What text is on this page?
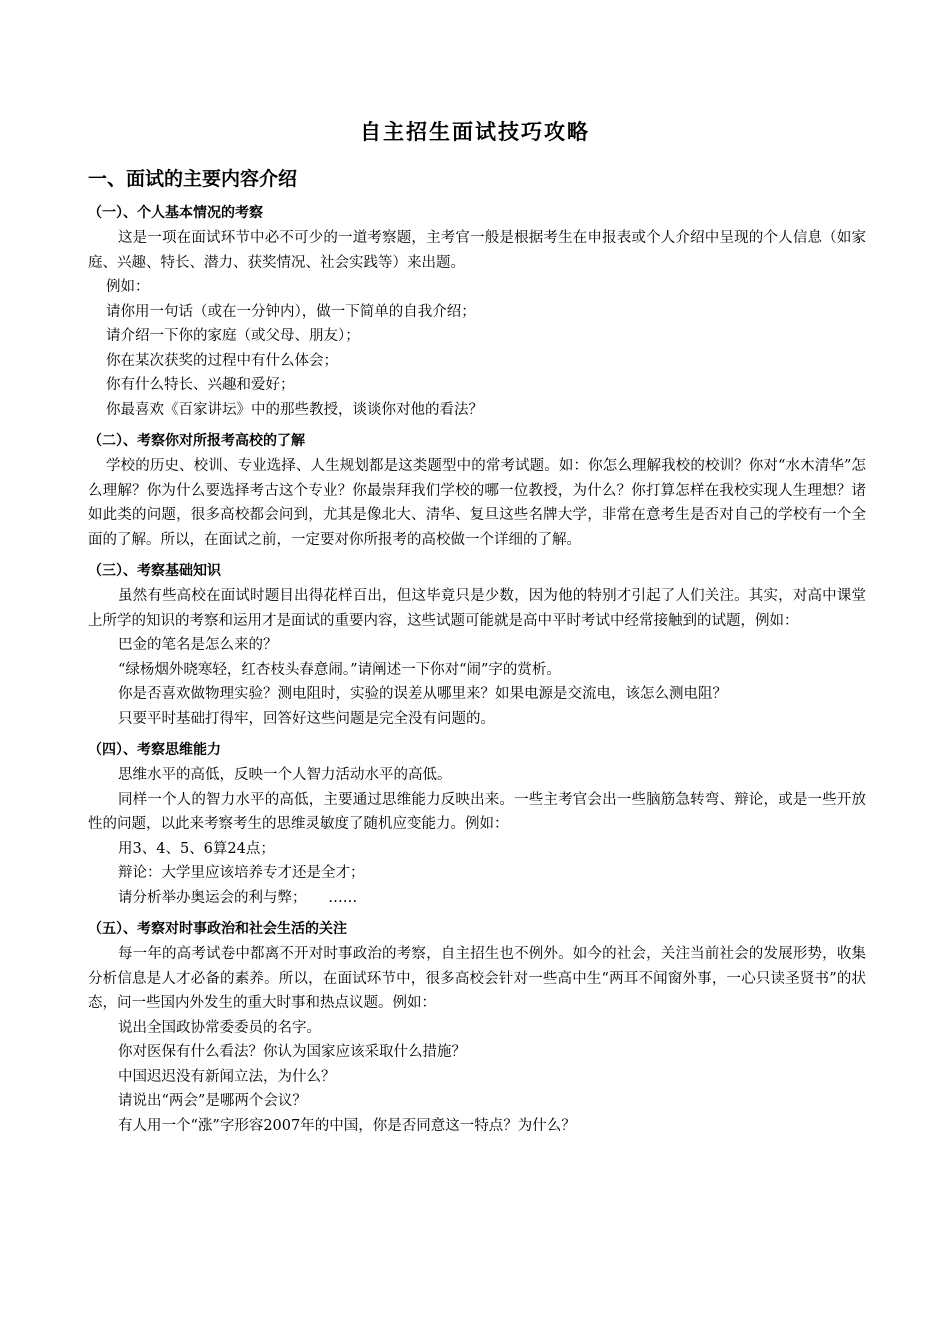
自主招生面试技巧攻略
一、面试的主要内容介绍

（一）、个人基本情况的考察

这是一项在面试环节中必不可少的一道考察题，主考官一般是根据考生在申报表或个人介绍中呈现的个人信息（如家庭、兴趣、特长、潜力、获奖情况、社会实践等）来出题。

例如：

请你用一句话（或在一分钟内），做一下简单的自我介绍；

请介绍一下你的家庭（或父母、朋友）；

你在某次获奖的过程中有什么体会；

你有什么特长、兴趣和爱好；

你最喜欢《百家讲坛》中的那些教授，谈谈你对他的看法？

（二）、考察你对所报考高校的了解

学校的历史、校训、专业选择、人生规划都是这类题型中的常考试题。如：你怎么理解我校的校训？你对“水木清华”怎么理解？你为什么要选择考古这个专业？你最崇拜我们学校的哪一位教授，为什么？你打算怎样在我校实现人生理想？诸如此类的问题，很多高校都会问到，尤其是像北大、清华、复旦这些名牌大学，非常在意考生是否对自己的学校有一个全面的了解。所以，在面试之前，一定要对你所报考的高校做一个详细的了解。

（三）、考察基础知识

虽然有些高校在面试时题目出得花样百出，但这毕竟只是少数，因为他的特别才引起了人们关注。其实，对高中课堂上所学的知识的考察和运用才是面试的重要内容，这些试题可能就是高中平时考试中经常接触到的试题，例如：

巴金的笔名是怎么来的？

“绿杨烟外晓寒轻，红杏枝头春意闹。”请阐述一下你对“闹”字的赏析。

你是否喜欢做物理实验？测电阻时，实验的误差从哪里来？如果电源是交流电，该怎么测电阻？

只要平时基础打得牢，回答好这些问题是完全没有问题的。

（四）、考察思维能力

思维水平的高低，反映一个人智力活动水平的高低。

同样一个人的智力水平的高低，主要通过思维能力反映出来。一些主考官会出一些脑筋急转弯、辩论，或是一些开放性的问题，以此来考察考生的思维灵敏度了随机应变能力。例如：

用3、4、5、6算24点；

辩论：大学里应该培养专才还是全才；

请分析举办奥运会的利与弊；　　……

（五）、考察对时事政治和社会生活的关注

每一年的高考试卷中都离不开对时事政治的考察，自主招生也不例外。如今的社会，关注当前社会的发展形势，收集分析信息是人才必备的素养。所以，在面试环节中，很多高校会针对一些高中生“两耳不闻窗外事，一心只读圣贤书”的状态，问一些国内外发生的重大时事和热点议题。例如：

说出全国政协常委委员的名字。

你对医保有什么看法？你认为国家应该采取什么措施？

中国迟迟没有新闻立法，为什么？

请说出“两会”是哪两个会议？

有人用一个“涨”字形容2007年的中国，你是否同意这一特点？为什么？
